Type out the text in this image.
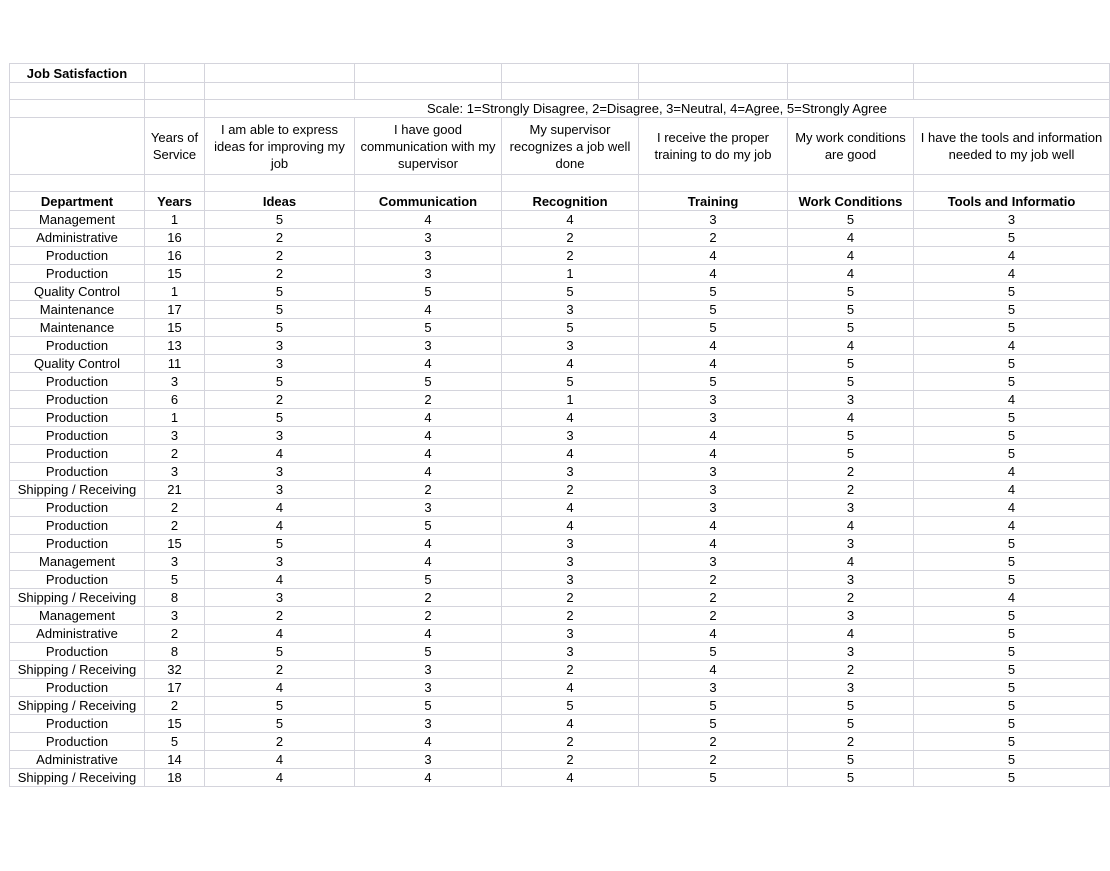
Job Satisfaction							

		Scale: 1=Strongly Disagree, 2=Disagree, 3=Neutral, 4=Agree, 5=Strongly Agree					
	Years of Service	I am able to express ideas for improving my job	I have good communication with my supervisor	My supervisor recognizes a job well done	I receive the proper training to do my job	My work conditions are good	I have the tools and information needed to my job well

Department	Years	Ideas	Communication	Recognition	Training	Work Conditions	Tools and Informatio
Management	1	5	4	4	3	5	3
Administrative	16	2	3	2	2	4	5
Production	16	2	3	2	4	4	4
Production	15	2	3	1	4	4	4
Quality Control	1	5	5	5	5	5	5
Maintenance	17	5	4	3	5	5	5
Maintenance	15	5	5	5	5	5	5
Production	13	3	3	3	4	4	4
Quality Control	11	3	4	4	4	5	5
Production	3	5	5	5	5	5	5
Production	6	2	2	1	3	3	4
Production	1	5	4	4	3	4	5
Production	3	3	4	3	4	5	5
Production	2	4	4	4	4	5	5
Production	3	3	4	3	3	2	4
Shipping / Receiving	21	3	2	2	3	2	4
Production	2	4	3	4	3	3	4
Production	2	4	5	4	4	4	4
Production	15	5	4	3	4	3	5
Management	3	3	4	3	3	4	5
Production	5	4	5	3	2	3	5
Shipping / Receiving	8	3	2	2	2	2	4
Management	3	2	2	2	2	3	5
Administrative	2	4	4	3	4	4	5
Production	8	5	5	3	5	3	5
Shipping / Receiving	32	2	3	2	4	2	5
Production	17	4	3	4	3	3	5
Shipping / Receiving	2	5	5	5	5	5	5
Production	15	5	3	4	5	5	5
Production	5	2	4	2	2	2	5
Administrative	14	4	3	2	2	5	5
Shipping / Receiving	18	4	4	4	5	5	5
